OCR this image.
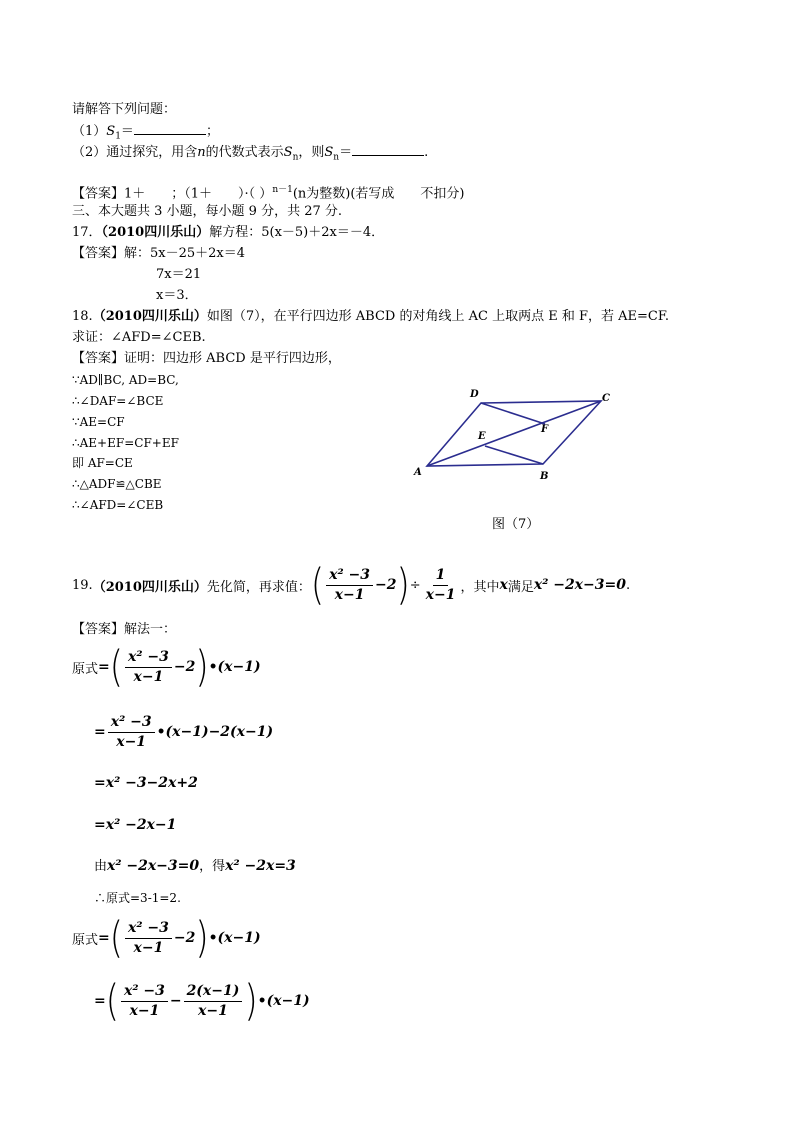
请解答下列问题：
$(1)S_1=$	；
（2）通过探究，用含n的代数式表示$S_n$，则$S_n=$	.
【答案】1＋　　；（1＋　　）·（ ）$^{n-1}$(n为整数)(若写成　　不扣分)
三、本大题共 3 小题，每小题 9 分，共 27 分.
17．（2010四川乐山）解方程：5(x－5)＋2x＝－4．
【答案】解：5x－25＋2x＝4
7x＝21
x＝3．
18.（2010四川乐山）如图（7），在平行四边形 ABCD 的对角线上 AC 上取两点 E 和 F，若 AE=CF.
求证：∠AFD=∠CEB.
【答案】证明：四边形 ABCD 是平行四边形，
∵AD∥BC, AD=BC,
∴∠DAF=∠BCE
∵AE=CF
∴AE+EF=CF+EF
即 AF=CE
∴△ADF≌△CBE
∴∠AFD=∠CEB
D	C
E
F
A	B
图（7）
19. （2010四川乐山） 先化简，再求值： ( $\frac{\text{x² −3}}{x-1} -2$ ) ÷ $\frac{1}{x-1}$ ，其中 x 满足 x² −2x−3=0 .
【答案】解法一：
原式 = ( $\frac{\text{x² −3}}{x-1} -2$ ) •(x−1)
= $\frac{\text{x² −3}}{x-1}$ •(x−1) −2(x−1)
=x² −3−2x+2
=x² −2x−1
由x² −2x−3=0，得x² −2x=3
∴原式=3-1=2.
原式 = ( $\frac{\text{x² −3}}{x-1} -2$ ) •(x−1)
= ( $\frac{\text{x² −3}}{x-1} - \frac{2(x-1)}{x-1}$ ) •(x−1)
